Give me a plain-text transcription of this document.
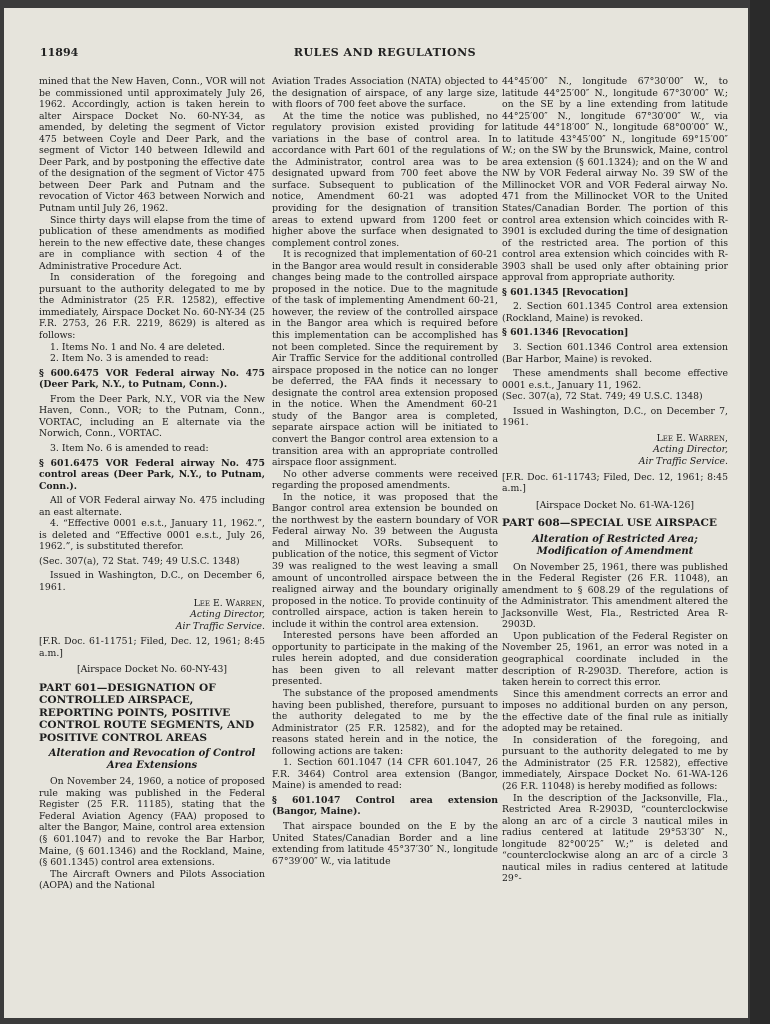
11894	RULES AND REGULATIONS

mined that the New Haven, Conn., VOR will not be commissioned until approximately July 26, 1962. Accordingly, action is taken herein to alter Airspace Docket No. 60-NY-34, as amended, by deleting the segment of Victor 475 between Coyle and Deer Park, and the segment of Victor 140 between Idlewild and Deer Park, and by postponing the effective date of the designation of the segment of Victor 475 between Deer Park and Putnam and the revocation of Victor 463 between Norwich and Putnam until July 26, 1962.

Since thirty days will elapse from the time of publication of these amendments as modified herein to the new effective date, these changes are in compliance with section 4 of the Administrative Procedure Act.

In consideration of the foregoing and pursuant to the authority delegated to me by the Administrator (25 F.R. 12582), effective immediately, Airspace Docket No. 60-NY-34 (25 F.R. 2753, 26 F.R. 2219, 8629) is altered as follows:

1. Items No. 1 and No. 4 are deleted.

2. Item No. 3 is amended to read:

§ 600.6475 VOR Federal airway No. 475 (Deer Park, N.Y., to Putnam, Conn.).

From the Deer Park, N.Y., VOR via the New Haven, Conn., VOR; to the Putnam, Conn., VORTAC, including an E alternate via the Norwich, Conn., VORTAC.

3. Item No. 6 is amended to read:

§ 601.6475 VOR Federal airway No. 475 control areas (Deer Park, N.Y., to Putnam, Conn.).

All of VOR Federal airway No. 475 including an east alternate.

4. “Effective 0001 e.s.t., January 11, 1962.”, is deleted and “Effective 0001 e.s.t., July 26, 1962.”, is substituted therefor.

(Sec. 307(a), 72 Stat. 749; 49 U.S.C. 1348)

Issued in Washington, D.C., on December 6, 1961.

Lee E. Warren,

Acting Director,

Air Traffic Service.

[F.R. Doc. 61-11751; Filed, Dec. 12, 1961; 8:45 a.m.]

[Airspace Docket No. 60-NY-43]

PART 601—DESIGNATION OF CONTROLLED AIRSPACE, REPORTING POINTS, POSITIVE CONTROL ROUTE SEGMENTS, AND POSITIVE CONTROL AREAS

Alteration and Revocation of Control Area Extensions

On November 24, 1960, a notice of proposed rule making was published in the Federal Register (25 F.R. 11185), stating that the Federal Aviation Agency (FAA) proposed to alter the Bangor, Maine, control area extension (§ 601.1047) and to revoke the Bar Harbor, Maine, (§ 601.1346) and the Rockland, Maine, (§ 601.1345) control area extensions.

The Aircraft Owners and Pilots Association (AOPA) and the National

Aviation Trades Association (NATA) objected to the designation of airspace, of any large size, with floors of 700 feet above the surface.

At the time the notice was published, no regulatory provision existed providing for variations in the base of control area. In accordance with Part 601 of the regulations of the Administrator, control area was to be designated upward from 700 feet above the surface. Subsequent to publication of the notice, Amendment 60-21 was adopted providing for the designation of transition areas to extend upward from 1200 feet or higher above the surface when designated to complement control zones.

It is recognized that implementation of 60-21 in the Bangor area would result in considerable changes being made to the controlled airspace proposed in the notice. Due to the magnitude of the task of implementing Amendment 60-21, however, the review of the controlled airspace in the Bangor area which is required before this implementation can be accomplished has not been completed. Since the requirement by Air Traffic Service for the additional controlled airspace proposed in the notice can no longer be deferred, the FAA finds it necessary to designate the control area extension proposed in the notice. When the Amendment 60-21 study of the Bangor area is completed, separate airspace action will be initiated to convert the Bangor control area extension to a transition area with an appropriate controlled airspace floor assignment.

No other adverse comments were received regarding the proposed amendments.

In the notice, it was proposed that the Bangor control area extension be bounded on the northwest by the eastern boundary of VOR Federal airway No. 39 between the Augusta and Millinocket VORs. Subsequent to publication of the notice, this segment of Victor 39 was realigned to the west leaving a small amount of uncontrolled airspace between the realigned airway and the boundary originally proposed in the notice. To provide continuity of controlled airspace, action is taken herein to include it within the control area extension.

Interested persons have been afforded an opportunity to participate in the making of the rules herein adopted, and due consideration has been given to all relevant matter presented.

The substance of the proposed amendments having been published, therefore, pursuant to the authority delegated to me by the Administrator (25 F.R. 12582), and for the reasons stated herein and in the notice, the following actions are taken:

1. Section 601.1047 (14 CFR 601.1047, 26 F.R. 3464) Control area extension (Bangor, Maine) is amended to read:

§ 601.1047 Control area extension (Bangor, Maine).

That airspace bounded on the E by the United States/Canadian Border and a line extending from latitude 45°37′30″ N., longitude 67°39′00″ W., via latitude

44°45′00″ N., longitude 67°30′00″ W., to latitude 44°25′00″ N., longitude 67°30′00″ W.; on the SE by a line extending from latitude 44°25′00″ N., longitude 67°30′00″ W., via latitude 44°18′00″ N., longitude 68°00′00″ W., to latitude 43°45′00″ N., longitude 69°15′00″ W.; on the SW by the Brunswick, Maine, control area extension (§ 601.1324); and on the W and NW by VOR Federal airway No. 39 SW of the Millinocket VOR and VOR Federal airway No. 471 from the Millinocket VOR to the United States/Canadian Border. The portion of this control area extension which coincides with R-3901 is excluded during the time of designation of the restricted area. The portion of this control area extension which coincides with R-3903 shall be used only after obtaining prior approval from appropriate authority.

§ 601.1345 [Revocation]

2. Section 601.1345 Control area extension (Rockland, Maine) is revoked.

§ 601.1346 [Revocation]

3. Section 601.1346 Control area extension (Bar Harbor, Maine) is revoked.

These amendments shall become effective 0001 e.s.t., January 11, 1962.

(Sec. 307(a), 72 Stat. 749; 49 U.S.C. 1348)

Issued in Washington, D.C., on December 7, 1961.

Lee E. Warren,

Acting Director,

Air Traffic Service.

[F.R. Doc. 61-11743; Filed, Dec. 12, 1961; 8:45 a.m.]

[Airspace Docket No. 61-WA-126]

PART 608—SPECIAL USE AIRSPACE

Alteration of Restricted Area; Modification of Amendment

On November 25, 1961, there was published in the Federal Register (26 F.R. 11048), an amendment to § 608.29 of the regulations of the Administrator. This amendment altered the Jacksonville West, Fla., Restricted Area R-2903D.

Upon publication of the Federal Register on November 25, 1961, an error was noted in a geographical coordinate included in the description of R-2903D. Therefore, action is taken herein to correct this error.

Since this amendment corrects an error and imposes no additional burden on any person, the effective date of the final rule as initially adopted may be retained.

In consideration of the foregoing, and pursuant to the authority delegated to me by the Administrator (25 F.R. 12582), effective immediately, Airspace Docket No. 61-WA-126 (26 F.R. 11048) is hereby modified as follows:

In the description of the Jacksonville, Fla., Restricted Area R-2903D, “counterclockwise along an arc of a circle 3 nautical miles in radius centered at latitude 29°53′30″ N., longitude 82°00′25″ W.;” is deleted and “counterclockwise along an arc of a circle 3 nautical miles in radius centered at latitude 29°-
